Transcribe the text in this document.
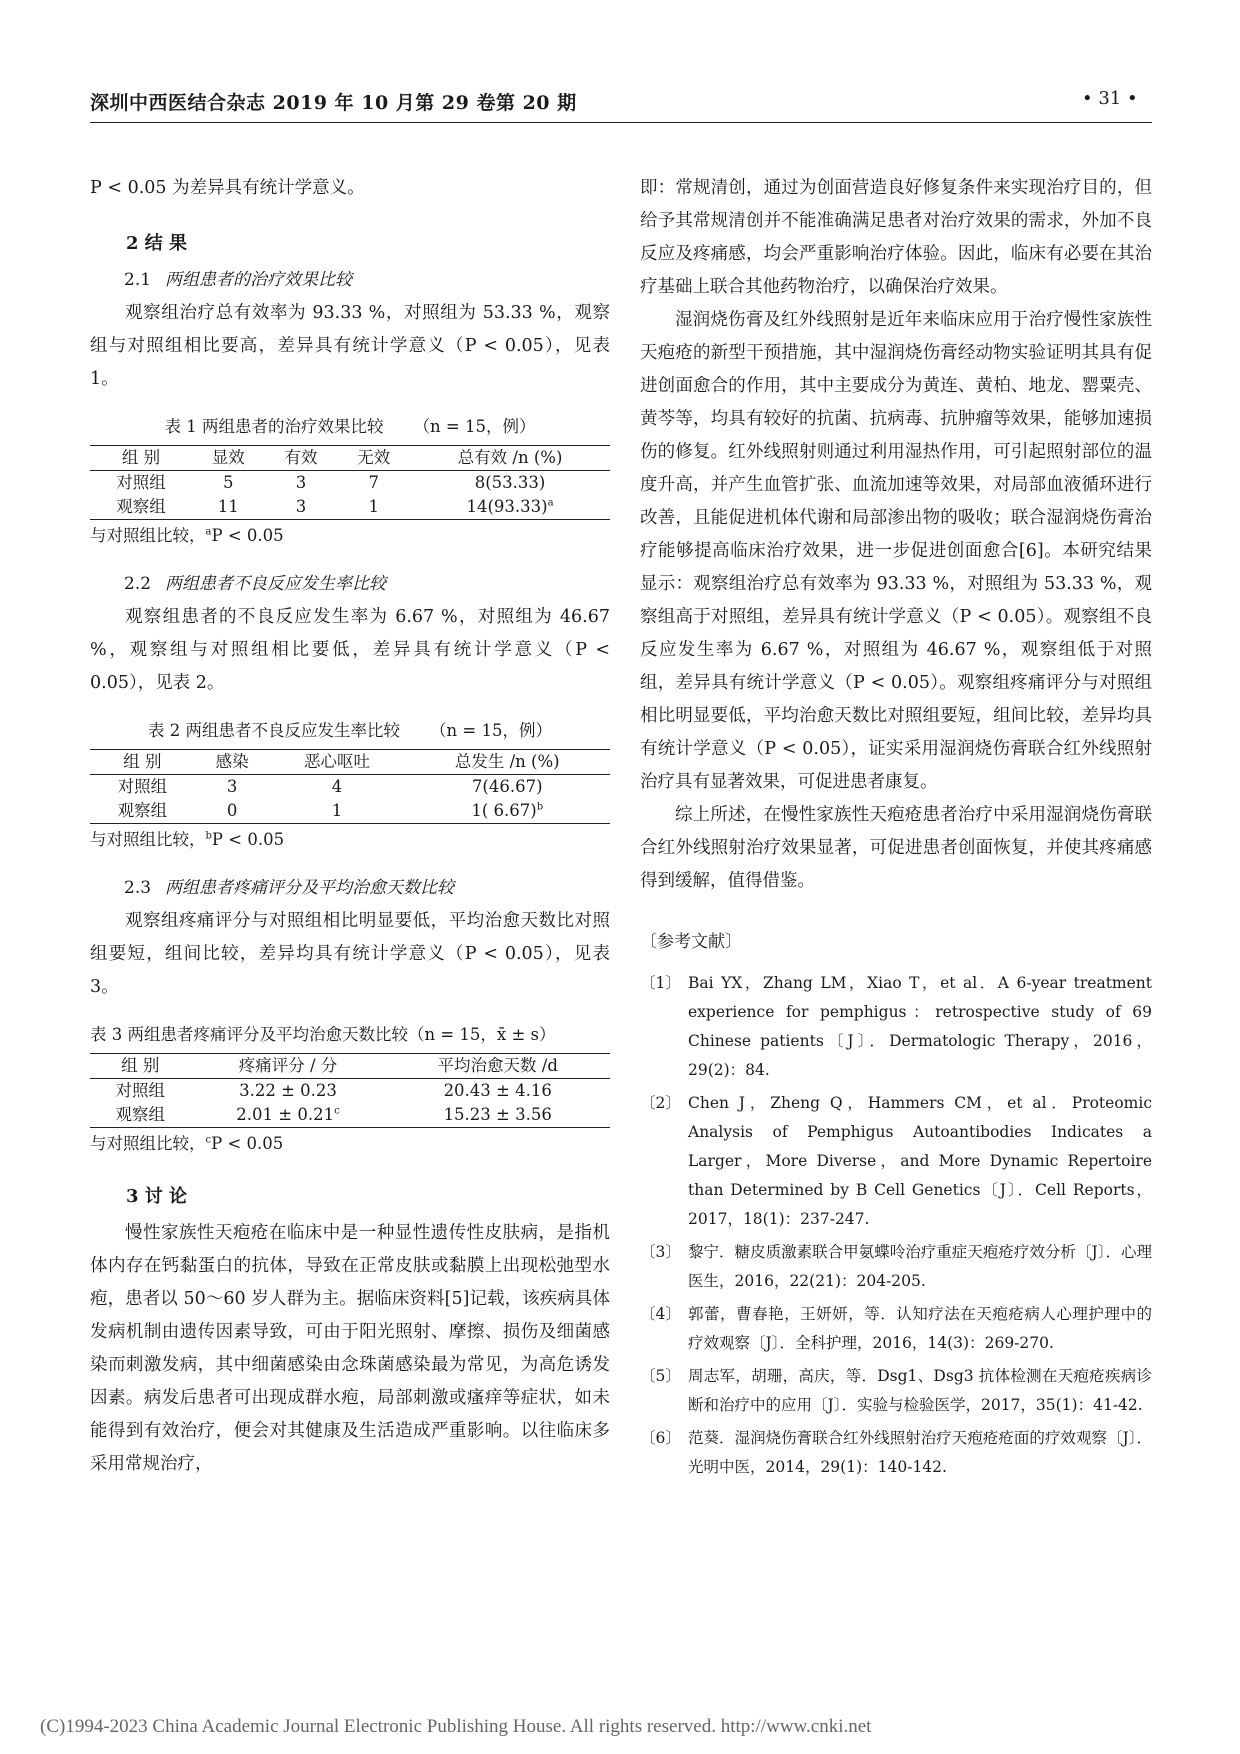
深圳中西医结合杂志 2019 年 10 月第 29 卷第 20 期	• 31 •

P < 0.05 为差异具有统计学意义。

2 结 果
2.1 两组患者的治疗效果比较

观察组治疗总有效率为 93.33 %，对照组为 53.33 %，观察组与对照组相比要高，差异具有统计学意义（P < 0.05），见表 1。

表 1 两组患者的治疗效果比较 （n = 15，例）
组 别	显效	有效	无效	总有效 /n (%)
对照组	5	3	7	8(53.33)
观察组	11	3	1	$14(93.33)^a$
与对照组比较，$^a$P < 0.05
2.2 两组患者不良反应发生率比较

观察组患者的不良反应发生率为 6.67 %，对照组为 46.67 %，观察组与对照组相比要低，差异具有统计学意义（P < 0.05），见表 2。

表 2 两组患者不良反应发生率比较 （n = 15，例）
组 别	感染	恶心呕吐	总发生 /n (%)
对照组	3	4	7(46.67)
观察组	0	1	1( 6.67)$^b$
与对照组比较，$^b$P < 0.05
2.3 两组患者疼痛评分及平均治愈天数比较

观察组疼痛评分与对照组相比明显要低，平均治愈天数比对照组要短，组间比较，差异均具有统计学意义（P < 0.05），见表 3。

表 3 两组患者疼痛评分及平均治愈天数比较（n = 15，x̄ ± s）
组 别	疼痛评分 / 分	平均治愈天数 /d
对照组	3.22 ± 0.23	20.43 ± 4.16
观察组	2.01 ± 0.21$^c$	15.23 ± 3.56
与对照组比较，$^c$P < 0.05
3 讨 论

慢性家族性天疱疮在临床中是一种显性遗传性皮肤病，是指机体内存在钙黏蛋白的抗体，导致在正常皮肤或黏膜上出现松弛型水疱，患者以 50～60 岁人群为主。据临床资料[5]记载，该疾病具体发病机制由遗传因素导致，可由于阳光照射、摩擦、损伤及细菌感染而刺激发病，其中细菌感染由念珠菌感染最为常见，为高危诱发因素。病发后患者可出现成群水疱，局部刺激或瘙痒等症状，如未能得到有效治疗，便会对其健康及生活造成严重影响。以往临床多采用常规治疗，

即：常规清创，通过为创面营造良好修复条件来实现治疗目的，但给予其常规清创并不能准确满足患者对治疗效果的需求，外加不良反应及疼痛感，均会严重影响治疗体验。因此，临床有必要在其治疗基础上联合其他药物治疗，以确保治疗效果。

湿润烧伤膏及红外线照射是近年来临床应用于治疗慢性家族性天疱疮的新型干预措施，其中湿润烧伤膏经动物实验证明其具有促进创面愈合的作用，其中主要成分为黄连、黄柏、地龙、罂粟壳、黄芩等，均具有较好的抗菌、抗病毒、抗肿瘤等效果，能够加速损伤的修复。红外线照射则通过利用湿热作用，可引起照射部位的温度升高，并产生血管扩张、血流加速等效果，对局部血液循环进行改善，且能促进机体代谢和局部渗出物的吸收；联合湿润烧伤膏治疗能够提高临床治疗效果，进一步促进创面愈合[6]。本研究结果显示：观察组治疗总有效率为 93.33 %，对照组为 53.33 %，观察组高于对照组，差异具有统计学意义（P < 0.05）。观察组不良反应发生率为 6.67 %，对照组为 46.67 %，观察组低于对照组，差异具有统计学意义（P < 0.05）。观察组疼痛评分与对照组相比明显要低，平均治愈天数比对照组要短，组间比较，差异均具有统计学意义（P < 0.05），证实采用湿润烧伤膏联合红外线照射治疗具有显著效果，可促进患者康复。

综上所述，在慢性家族性天疱疮患者治疗中采用湿润烧伤膏联合红外线照射治疗效果显著，可促进患者创面恢复，并使其疼痛感得到缓解，值得借鉴。

〔参考文献〕
〔1〕 Bai YX，Zhang LM，Xiao T，et al．A 6-year treatment experience for pemphigus：retrospective study of 69 Chinese patients〔J〕．Dermatologic Therapy，2016，29(2)：84.
〔2〕 Chen J，Zheng Q，Hammers CM，et al．Proteomic Analysis of Pemphigus Autoantibodies Indicates a Larger，More Diverse，and More Dynamic Repertoire than Determined by B Cell Genetics〔J〕．Cell Reports，2017，18(1)：237-247.
〔3〕 黎宁．糖皮质激素联合甲氨蝶呤治疗重症天疱疮疗效分析〔J〕．心理医生，2016，22(21)：204-205.
〔4〕 郭蕾，曹春艳，王妍妍，等．认知疗法在天疱疮病人心理护理中的疗效观察〔J〕．全科护理，2016，14(3)：269-270.
〔5〕 周志军，胡珊，高庆，等．Dsg1、Dsg3 抗体检测在天疱疮疾病诊断和治疗中的应用〔J〕．实验与检验医学，2017，35(1)：41-42.
〔6〕 范葵．湿润烧伤膏联合红外线照射治疗天疱疮疮面的疗效观察〔J〕．光明中医，2014，29(1)：140-142.
(C)1994-2023 China Academic Journal Electronic Publishing House. All rights reserved. http://www.cnki.net
